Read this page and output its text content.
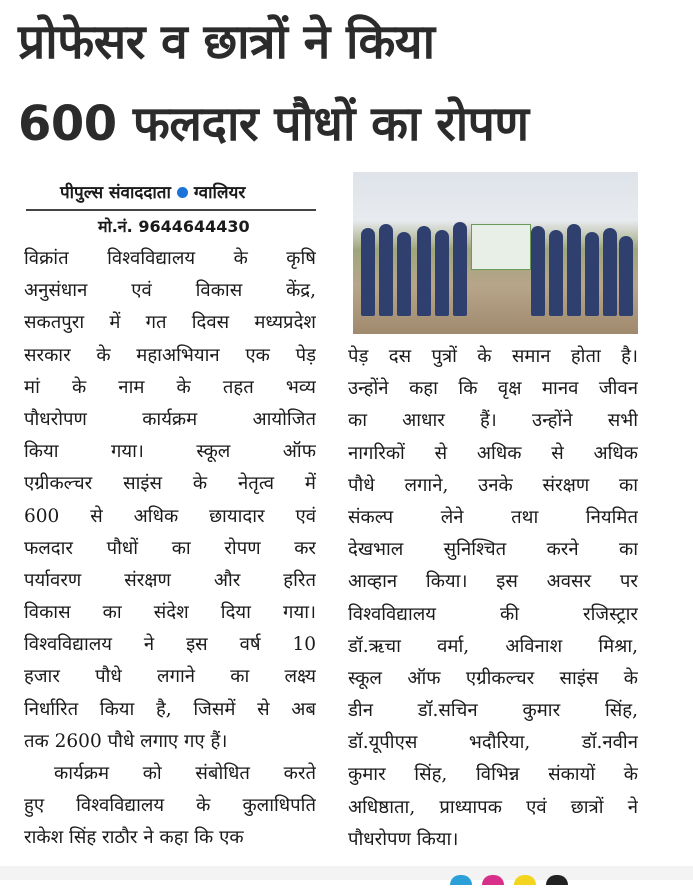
प्रोफेसर व छात्रों ने किया
600 फलदार पौधों का रोपण
पीपुल्स संवाददाता ग्वालियर
मो.नं. 9644644430
विक्रांत विश्वविद्यालय के कृषि
अनुसंधान एवं विकास केंद्र,
सकतपुरा में गत दिवस मध्यप्रदेश
सरकार के महाअभियान एक पेड़
मां के नाम के तहत भव्य
पौधरोपण कार्यक्रम आयोजित
किया गया। स्कूल ऑफ
एग्रीकल्चर साइंस के नेतृत्व में
600 से अधिक छायादार एवं
फलदार पौधों का रोपण कर
पर्यावरण संरक्षण और हरित
विकास का संदेश दिया गया।
विश्वविद्यालय ने इस वर्ष 10
हजार पौधे लगाने का लक्ष्य
निर्धारित किया है, जिसमें से अब
तक 2600 पौधे लगाए गए हैं।
कार्यक्रम को संबोधित करते
हुए विश्वविद्यालय के कुलाधिपति
राकेश सिंह राठौर ने कहा कि एक
पेड़ दस पुत्रों के समान होता है।
उन्होंने कहा कि वृक्ष मानव जीवन
का आधार हैं। उन्होंने सभी
नागरिकों से अधिक से अधिक
पौधे लगाने, उनके संरक्षण का
संकल्प लेने तथा नियमित
देखभाल सुनिश्चित करने का
आव्हान किया। इस अवसर पर
विश्वविद्यालय की रजिस्ट्रार
डॉ.ऋचा वर्मा, अविनाश मिश्रा,
स्कूल ऑफ एग्रीकल्चर साइंस के
डीन डॉ.सचिन कुमार सिंह,
डॉ.यूपीएस भदौरिया, डॉ.नवीन
कुमार सिंह, विभिन्न संकायों के
अधिष्ठाता, प्राध्यापक एवं छात्रों ने
पौधरोपण किया।
